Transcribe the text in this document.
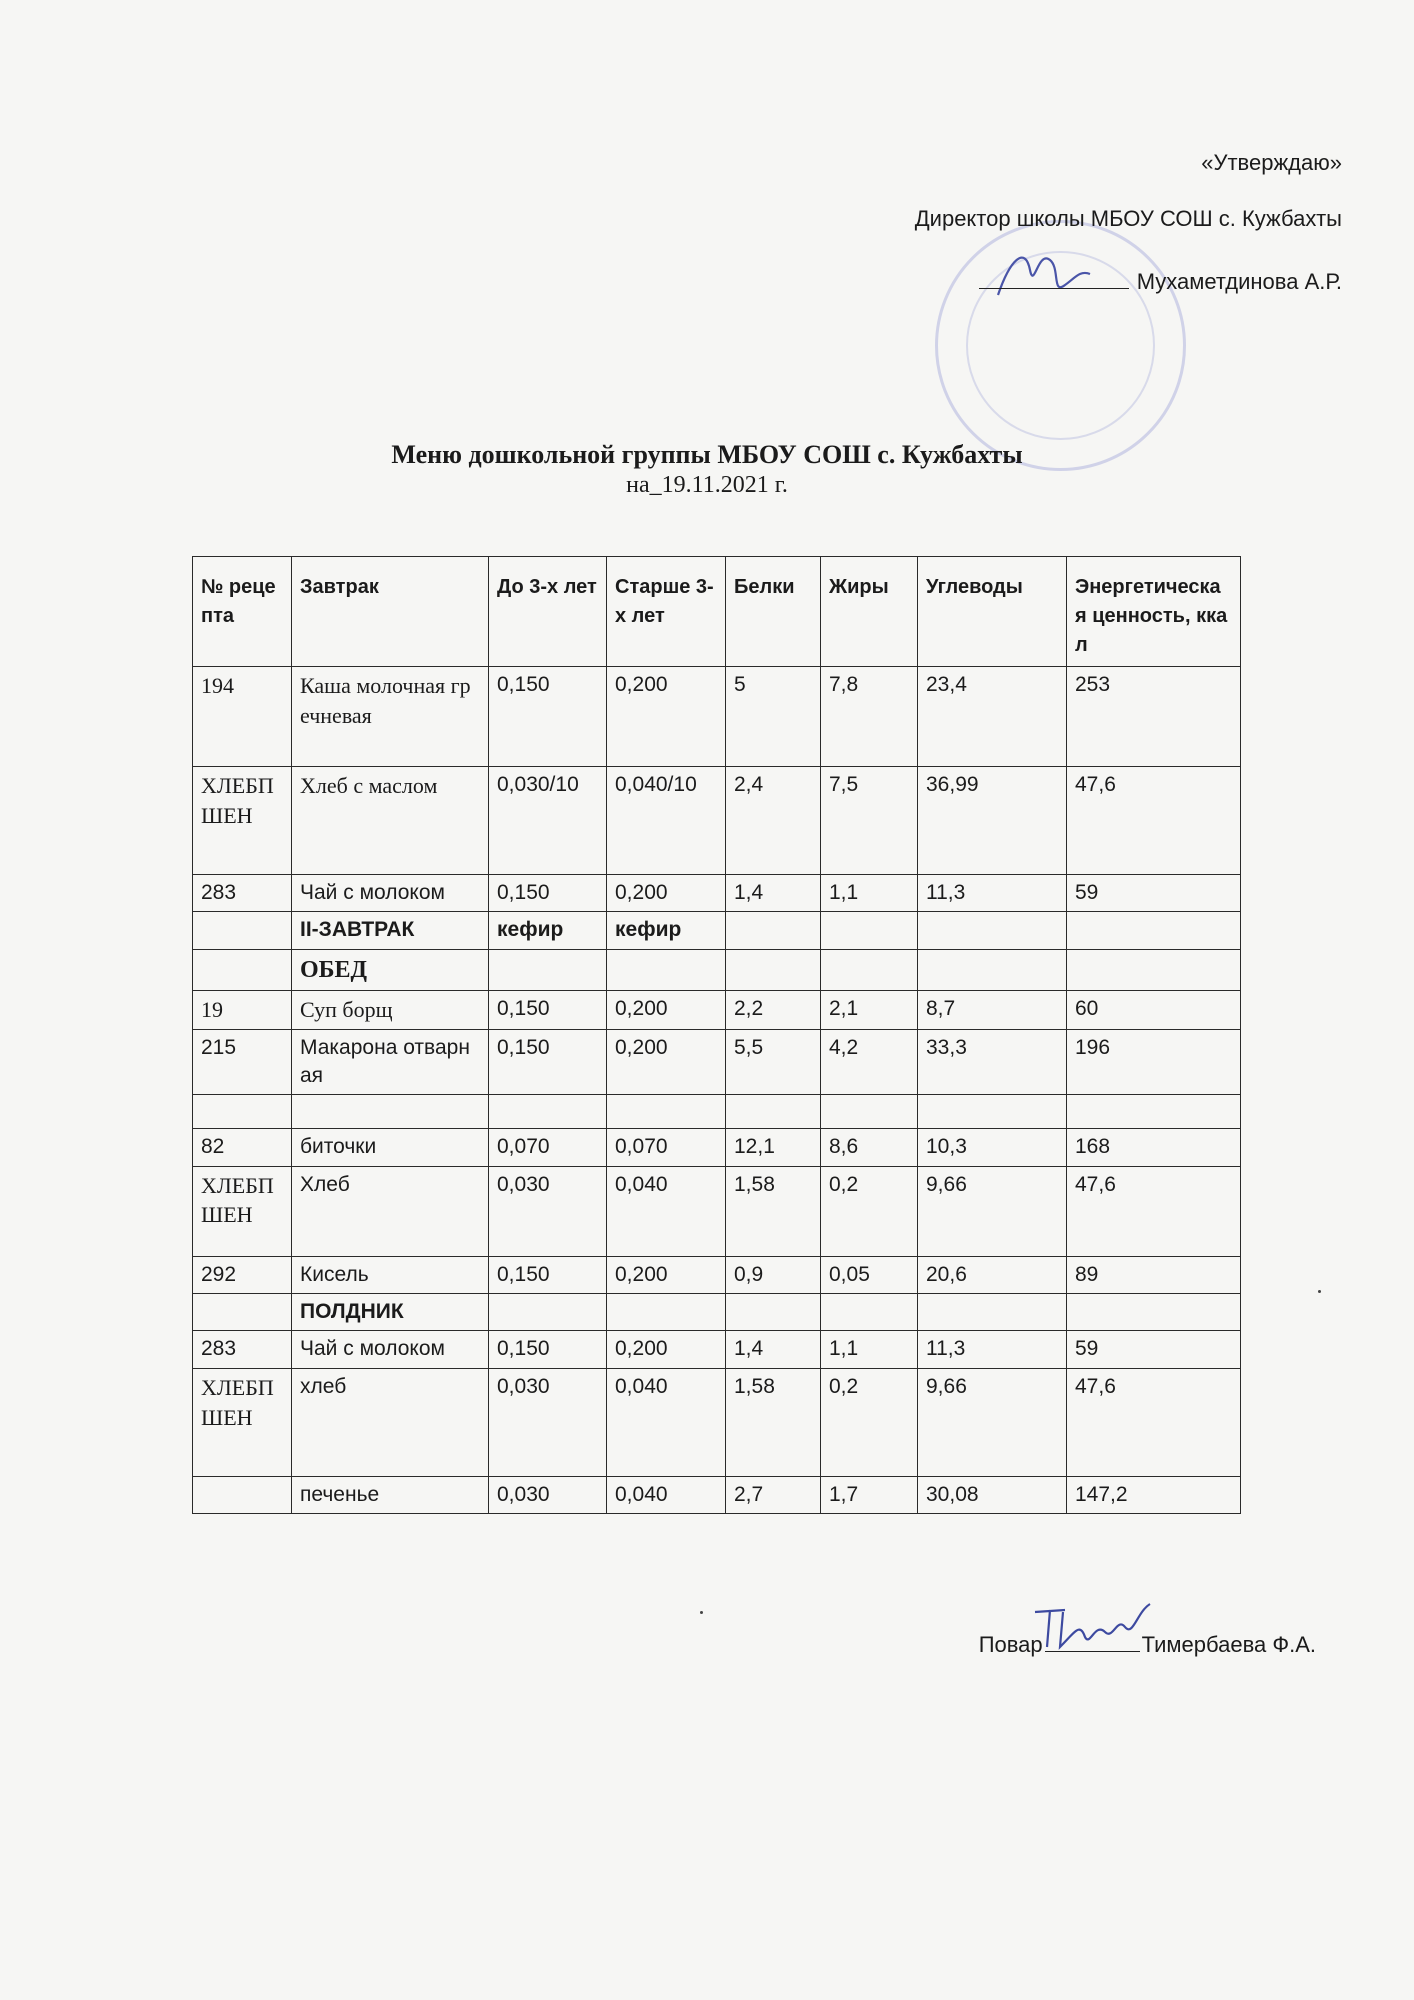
«Утверждаю»
Директор школы МБОУ СОШ с. Кужбахты
Мухаметдинова А.Р.
Меню дошкольной группы МБОУ СОШ с. Кужбахты
на_19.11.2021 г.
№ рецепта	Завтрак	До 3-х лет	Старше 3-х лет	Белки	Жиры	Углеводы	Энергетическая ценность, ккал
194	Каша молочная гречневая	0,150	0,200	5	7,8	23,4	253
ХЛЕБПШЕН	Хлеб с маслом	0,030/10	0,040/10	2,4	7,5	36,99	47,6
283	Чай с молоком	0,150	0,200	1,4	1,1	11,3	59
	II-ЗАВТРАК	кефир	кефир				
	ОБЕД						
19	Суп борщ	0,150	0,200	2,2	2,1	8,7	60
215	Макарона отварная	0,150	0,200	5,5	4,2	33,3	196

82	биточки	0,070	0,070	12,1	8,6	10,3	168
ХЛЕБПШЕН	Хлеб	0,030	0,040	1,58	0,2	9,66	47,6
292	Кисель	0,150	0,200	0,9	0,05	20,6	89
	ПОЛДНИК						
283	Чай с молоком	0,150	0,200	1,4	1,1	11,3	59
ХЛЕБПШЕН	хлеб	0,030	0,040	1,58	0,2	9,66	47,6
	печенье	0,030	0,040	2,7	1,7	30,08	147,2
Повар	Тимербаева Ф.А.
